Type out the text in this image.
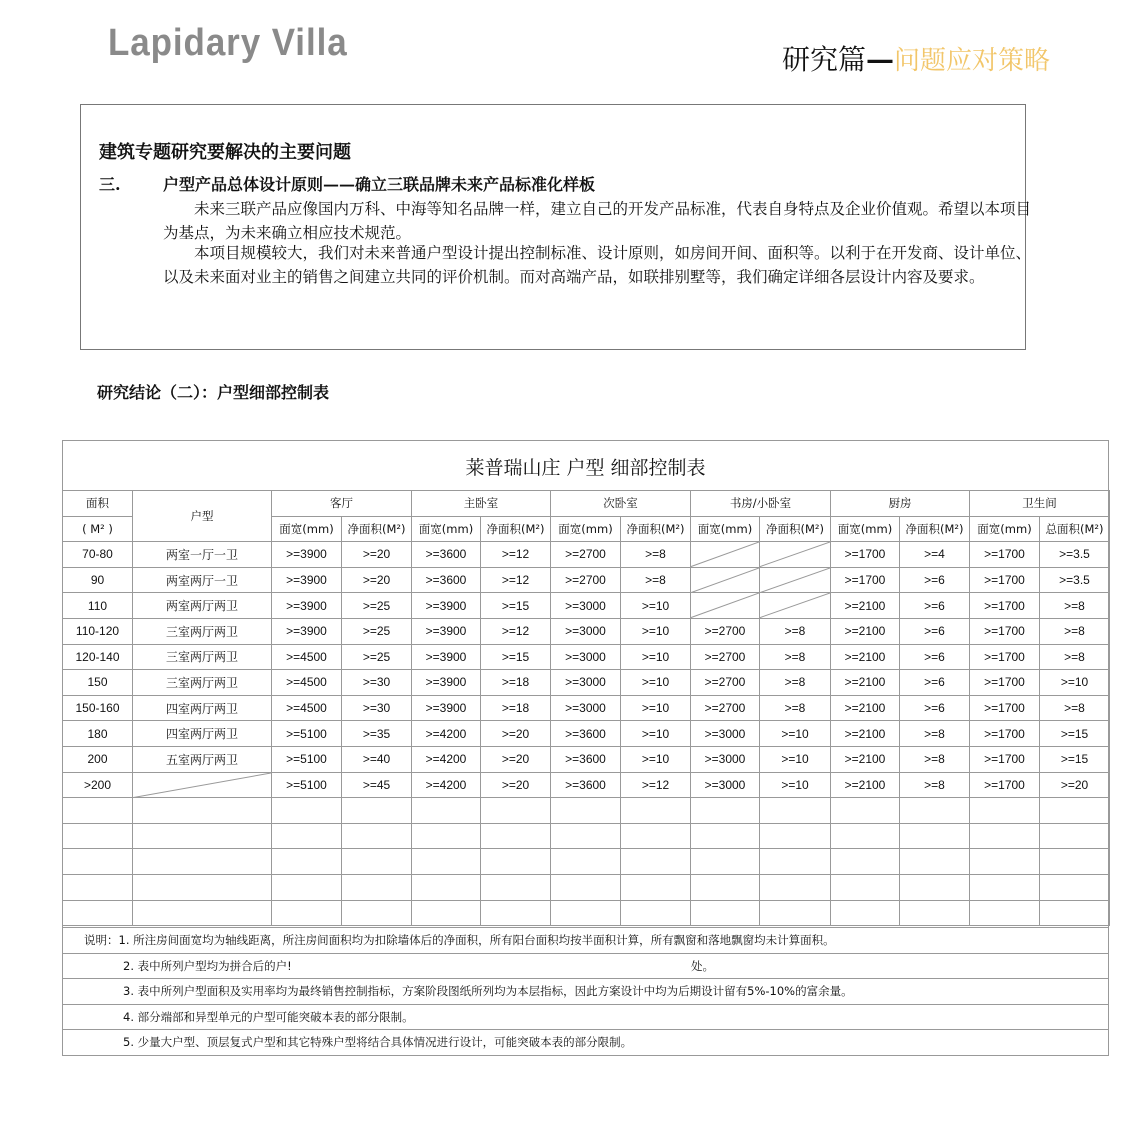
Lapidary Villa	研究篇—问题应对策略
建筑专题研究要解决的主要问题
三.	户型产品总体设计原则——确立三联品牌未来产品标准化样板
未来三联产品应像国内万科、中海等知名品牌一样，建立自己的开发产品标准，代表自身特点及企业价值观。希望以本项目为基点，为未来确立相应技术规范。
本项目规模较大，我们对未来普通户型设计提出控制标准、设计原则，如房间开间、面积等。以利于在开发商、设计单位、以及未来面对业主的销售之间建立共同的评价机制。而对高端产品，如联排别墅等，我们确定详细各层设计内容及要求。
研究结论（二）：户型细部控制表
莱普瑞山庄 户型 细部控制表
面积	户型	客厅		主卧室		次卧室		书房/小卧室		厨房		卫生间	
( M² )		面宽(mm)	净面积(M²)	面宽(mm)	净面积(M²)	面宽(mm)	净面积(M²)	面宽(mm)	净面积(M²)	面宽(mm)	净面积(M²)	面宽(mm)	总面积(M²)
70-80	两室一厅一卫	>=3900	>=20	>=3600	>=12	>=2700	>=8			>=1700	>=4	>=1700	>=3.5
90	两室两厅一卫	>=3900	>=20	>=3600	>=12	>=2700	>=8			>=1700	>=6	>=1700	>=3.5
110	两室两厅两卫	>=3900	>=25	>=3900	>=15	>=3000	>=10			>=2100	>=6	>=1700	>=8
110-120	三室两厅两卫	>=3900	>=25	>=3900	>=12	>=3000	>=10	>=2700	>=8	>=2100	>=6	>=1700	>=8
120-140	三室两厅两卫	>=4500	>=25	>=3900	>=15	>=3000	>=10	>=2700	>=8	>=2100	>=6	>=1700	>=8
150	三室两厅两卫	>=4500	>=30	>=3900	>=18	>=3000	>=10	>=2700	>=8	>=2100	>=6	>=1700	>=10
150-160	四室两厅两卫	>=4500	>=30	>=3900	>=18	>=3000	>=10	>=2700	>=8	>=2100	>=6	>=1700	>=8
180	四室两厅两卫	>=5100	>=35	>=4200	>=20	>=3600	>=10	>=3000	>=10	>=2100	>=8	>=1700	>=15
200	五室两厅两卫	>=5100	>=40	>=4200	>=20	>=3600	>=10	>=3000	>=10	>=2100	>=8	>=1700	>=15
>200		>=5100	>=45	>=4200	>=20	>=3600	>=12	>=3000	>=10	>=2100	>=8	>=1700	>=20

说明：1. 所注房间面宽均为轴线距离，所注房间面积均为扣除墙体后的净面积，所有阳台面积均按半面积计算，所有飘窗和落地飘窗均未计算面积。
2. 表中所列户型均为拼合后的户!	处。
3. 表中所列户型面积及实用率均为最终销售控制指标，方案阶段图纸所列均为本层指标，因此方案设计中均为后期设计留有5%-10%的富余量。
4. 部分端部和异型单元的户型可能突破本表的部分限制。
5. 少量大户型、顶层复式户型和其它特殊户型将结合具体情况进行设计，可能突破本表的部分限制。
